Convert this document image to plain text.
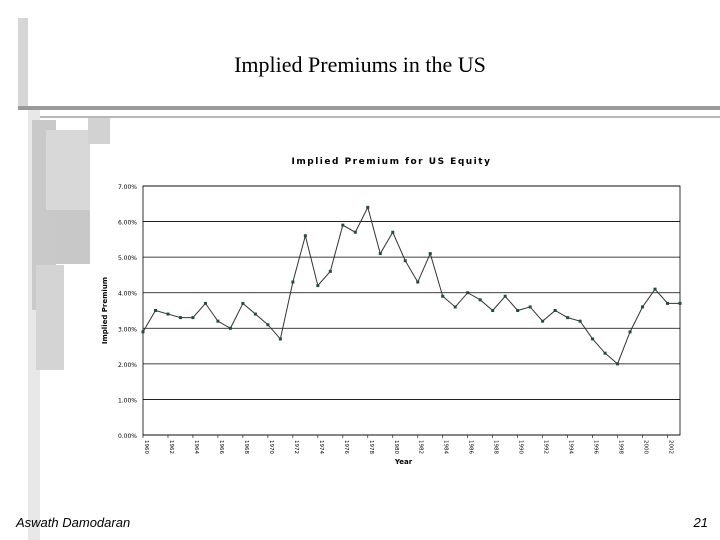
Implied Premiums in the US
Implied Premium for US Equity
0.00%
1.00%
2.00%
3.00%
4.00%
5.00%
6.00%
7.00%
1960	1962	1964	1966	1968	1970	1972	1974	1976	1978	1980	1982	1984	1986	1988	1990	1992	1994	1996	1998	2000	2002
Year
Implied Premium
Aswath Damodaran	21
